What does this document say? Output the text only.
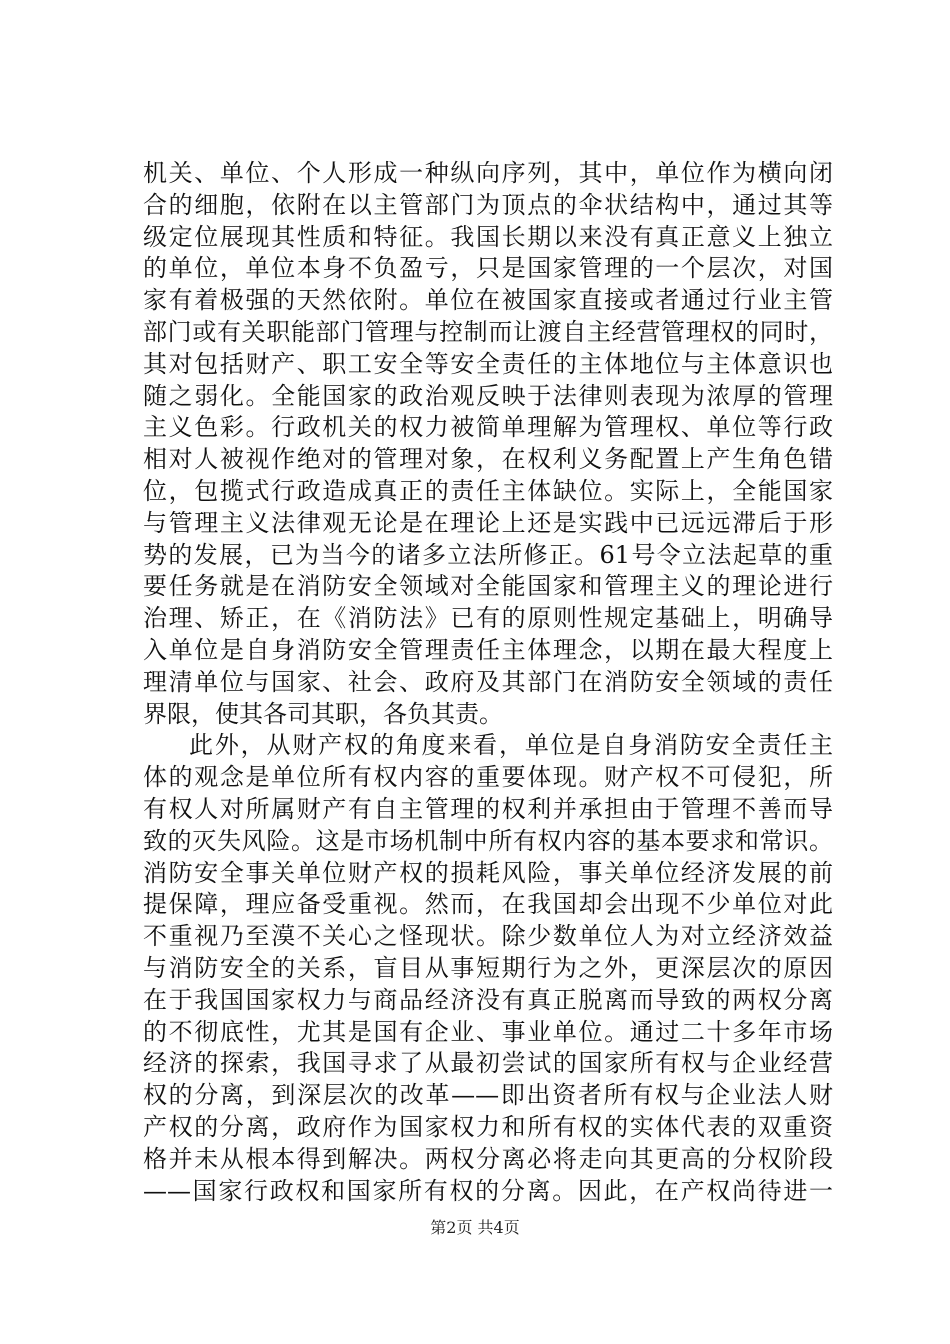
机关、单位、个人形成一种纵向序列，其中，单位作为横向闭
合的细胞，依附在以主管部门为顶点的伞状结构中，通过其等
级定位展现其性质和特征。我国长期以来没有真正意义上独立
的单位，单位本身不负盈亏，只是国家管理的一个层次，对国
家有着极强的天然依附。单位在被国家直接或者通过行业主管
部门或有关职能部门管理与控制而让渡自主经营管理权的同时，
其对包括财产、职工安全等安全责任的主体地位与主体意识也
随之弱化。全能国家的政治观反映于法律则表现为浓厚的管理
主义色彩。行政机关的权力被简单理解为管理权、单位等行政
相对人被视作绝对的管理对象，在权利义务配置上产生角色错
位，包揽式行政造成真正的责任主体缺位。实际上，全能国家
与管理主义法律观无论是在理论上还是实践中已远远滞后于形
势的发展，已为当今的诸多立法所修正。61号令立法起草的重
要任务就是在消防安全领域对全能国家和管理主义的理论进行
治理、矫正，在《消防法》已有的原则性规定基础上，明确导
入单位是自身消防安全管理责任主体理念，以期在最大程度上
理清单位与国家、社会、政府及其部门在消防安全领域的责任
界限，使其各司其职，各负其责。
此外，从财产权的角度来看，单位是自身消防安全责任主
体的观念是单位所有权内容的重要体现。财产权不可侵犯，所
有权人对所属财产有自主管理的权利并承担由于管理不善而导
致的灭失风险。这是市场机制中所有权内容的基本要求和常识。
消防安全事关单位财产权的损耗风险，事关单位经济发展的前
提保障，理应备受重视。然而，在我国却会出现不少单位对此
不重视乃至漠不关心之怪现状。除少数单位人为对立经济效益
与消防安全的关系，盲目从事短期行为之外，更深层次的原因
在于我国国家权力与商品经济没有真正脱离而导致的两权分离
的不彻底性，尤其是国有企业、事业单位。通过二十多年市场
经济的探索，我国寻求了从最初尝试的国家所有权与企业经营
权的分离，到深层次的改革——即出资者所有权与企业法人财
产权的分离，政府作为国家权力和所有权的实体代表的双重资
格并未从根本得到解决。两权分离必将走向其更高的分权阶段
——国家行政权和国家所有权的分离。因此，在产权尚待进一
第2页 共4页
